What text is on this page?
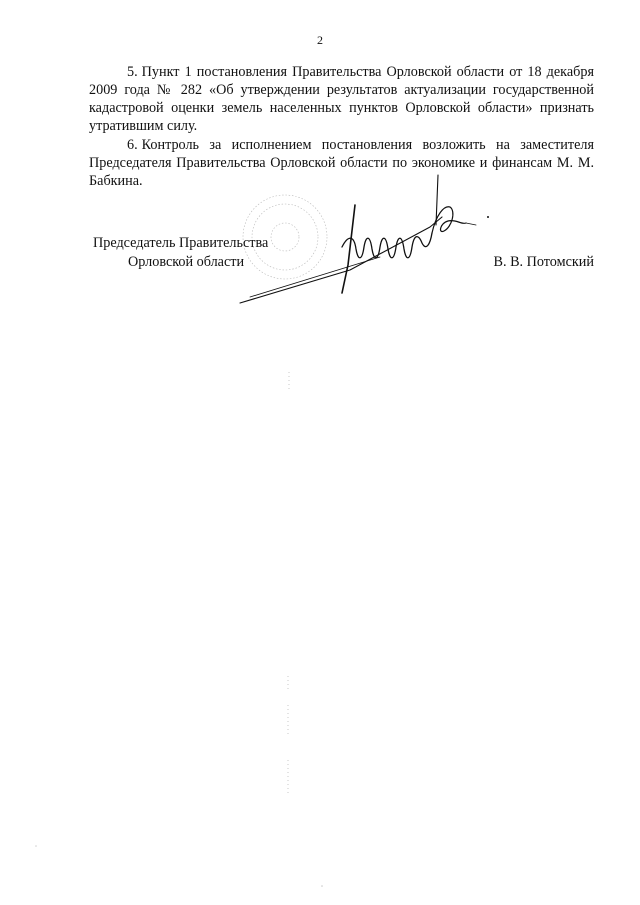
2

5. Пункт 1 постановления Правительства Орловской области от 18 декабря 2009 года № 282 «Об утверждении результатов актуализации государственной кадастровой оценки земель населенных пунктов Орловской области» признать утратившим силу.

6. Контроль за исполнением постановления возложить на заместителя Председателя Правительства Орловской области по экономике и финансам М. М. Бабкина.

Председатель Правительства
Орловской области	В. В. Потомский
